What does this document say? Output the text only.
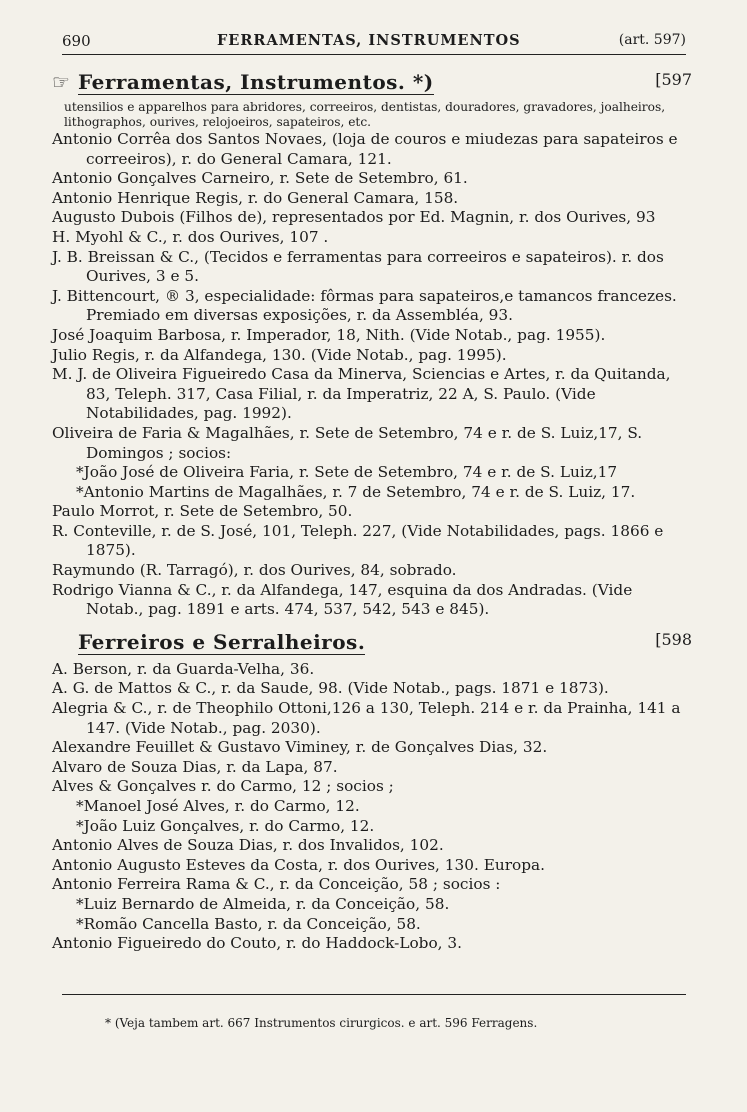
690	FERRAMENTAS, INSTRUMENTOS	(art. 597)
☞ Ferramentas, Instrumentos. *)	[597

utensilios e apparelhos para abridores, correeiros, dentistas, douradores, gravadores, joalheiros, lithographos, ourives, relojoeiros, sapateiros, etc.

Antonio Corrêa dos Santos Novaes, (loja de couros e miudezas para sapateiros e correeiros), r. do General Camara, 121.

Antonio Gonçalves Carneiro, r. Sete de Setembro, 61.

Antonio Henrique Regis, r. do General Camara, 158.

Augusto Dubois (Filhos de), representados por Ed. Magnin, r. dos Ourives, 93

H. Myohl & C., r. dos Ourives, 107 .

J. B. Breissan & C., (Tecidos e ferramentas para correeiros e sapateiros). r. dos Ourives, 3 e 5.

J. Bittencourt, ® 3, especialidade: fôrmas para sapateiros,e tamancos francezes. Premiado em diversas exposições, r. da Assembléa, 93.

José Joaquim Barbosa, r. Imperador, 18, Nith. (Vide Notab., pag. 1955).

Julio Regis, r. da Alfandega, 130. (Vide Notab., pag. 1995).

M. J. de Oliveira Figueiredo Casa da Minerva, Sciencias e Artes, r. da Quitanda, 83, Teleph. 317, Casa Filial, r. da Imperatriz, 22 A, S. Paulo. (Vide Notabilidades, pag. 1992).

Oliveira de Faria & Magalhães, r. Sete de Setembro, 74 e r. de S. Luiz,17, S. Domingos ; socios:

*João José de Oliveira Faria, r. Sete de Setembro, 74 e r. de S. Luiz,17

*Antonio Martins de Magalhães, r. 7 de Setembro, 74 e r. de S. Luiz, 17.

Paulo Morrot, r. Sete de Setembro, 50.

R. Conteville, r. de S. José, 101, Teleph. 227, (Vide Notabilidades, pags. 1866 e 1875).

Raymundo (R. Tarragó), r. dos Ourives, 84, sobrado.

Rodrigo Vianna & C., r. da Alfandega, 147, esquina da dos Andradas. (Vide Notab., pag. 1891 e arts. 474, 537, 542, 543 e 845).

Ferreiros e Serralheiros.	[598

A. Berson, r. da Guarda-Velha, 36.

A. G. de Mattos & C., r. da Saude, 98. (Vide Notab., pags. 1871 e 1873).

Alegria & C., r. de Theophilo Ottoni,126 a 130, Teleph. 214 e r. da Prainha, 141 a 147. (Vide Notab., pag. 2030).

Alexandre Feuillet & Gustavo Viminey, r. de Gonçalves Dias, 32.

Alvaro de Souza Dias, r. da Lapa, 87.

Alves & Gonçalves r. do Carmo, 12 ; socios ;

*Manoel José Alves, r. do Carmo, 12.

*João Luiz Gonçalves, r. do Carmo, 12.

Antonio Alves de Souza Dias, r. dos Invalidos, 102.

Antonio Augusto Esteves da Costa, r. dos Ourives, 130. Europa.

Antonio Ferreira Rama & C., r. da Conceição, 58 ; socios :

*Luiz Bernardo de Almeida, r. da Conceição, 58.

*Romão Cancella Basto, r. da Conceição, 58.

Antonio Figueiredo do Couto, r. do Haddock-Lobo, 3.

* (Veja tambem art. 667 Instrumentos cirurgicos. e art. 596 Ferragens.
